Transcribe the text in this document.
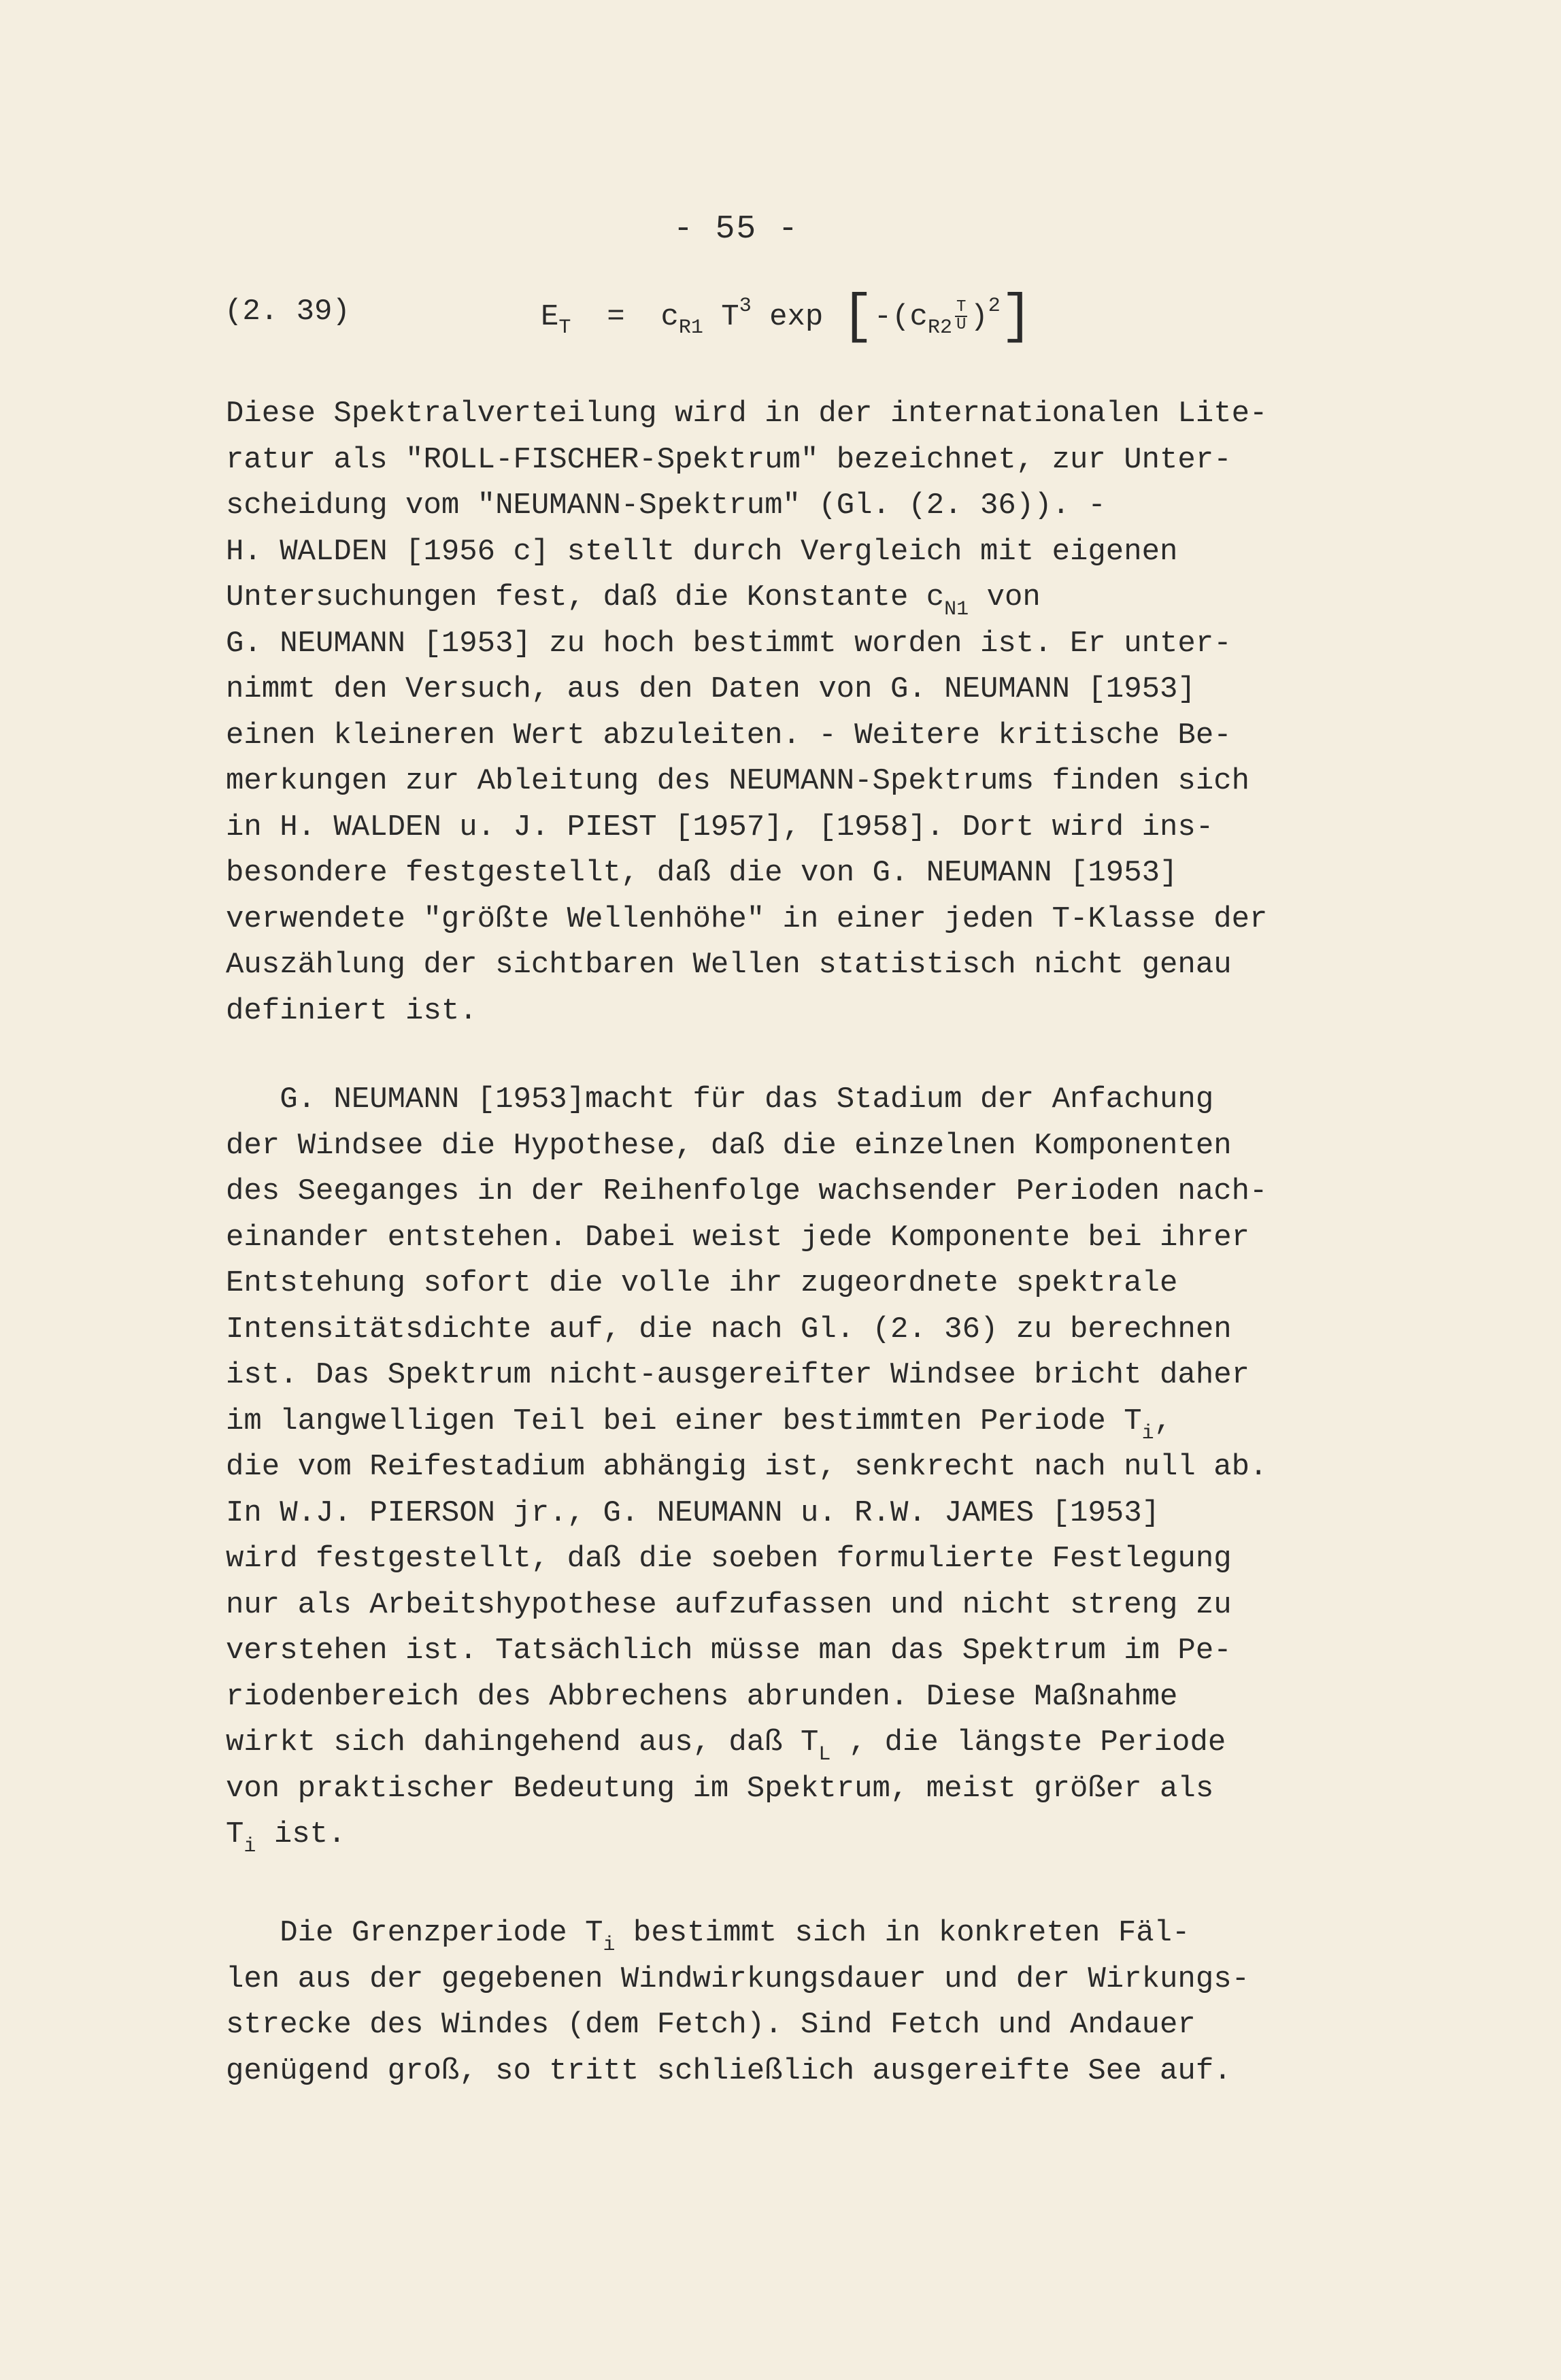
- 55 -
(2. 39)	$E_T = c_{R1}$ $T^3$ $\exp [-(c_{R2} \frac{T}{U} )^2]$
Diese Spektralverteilung wird in der internationalen Lite-
ratur als "ROLL-FISCHER-Spektrum" bezeichnet, zur Unter-
scheidung vom "NEUMANN-Spektrum" (Gl. (2. 36)). -
H. WALDEN [1956 c] stellt durch Vergleich mit eigenen
Untersuchungen fest, daß die Konstante $c_{N1}$ von
G. NEUMANN [1953] zu hoch bestimmt worden ist. Er unter-
nimmt den Versuch, aus den Daten von G. NEUMANN [1953]
einen kleineren Wert abzuleiten. - Weitere kritische Be-
merkungen zur Ableitung des NEUMANN-Spektrums finden sich
in H. WALDEN u. J. PIEST [1957], [1958]. Dort wird ins-
besondere festgestellt, daß die von G. NEUMANN [1953]
verwendete "größte Wellenhöhe" in einer jeden T-Klasse der
Auszählung der sichtbaren Wellen statistisch nicht genau
definiert ist.
G. NEUMANN [1953]macht für das Stadium der Anfachung
der Windsee die Hypothese, daß die einzelnen Komponenten
des Seeganges in der Reihenfolge wachsender Perioden nach-
einander entstehen. Dabei weist jede Komponente bei ihrer
Entstehung sofort die volle ihr zugeordnete spektrale
Intensitätsdichte auf, die nach Gl. (2. 36) zu berechnen
ist. Das Spektrum nicht-ausgereifter Windsee bricht daher
im langwelligen Teil bei einer bestimmten Periode $T_i$,
die vom Reifestadium abhängig ist, senkrecht nach null ab.
In W.J. PIERSON jr., G. NEUMANN u. R.W. JAMES [1953]
wird festgestellt, daß die soeben formulierte Festlegung
nur als Arbeitshypothese aufzufassen und nicht streng zu
verstehen ist. Tatsächlich müsse man das Spektrum im Pe-
riodenbereich des Abbrechens abrunden. Diese Maßnahme
wirkt sich dahingehend aus, daß $T_L$ , die längste Periode
von praktischer Bedeutung im Spektrum, meist größer als
$T_i$ ist.
Die Grenzperiode $T_i$ bestimmt sich in konkreten Fäl-
len aus der gegebenen Windwirkungsdauer und der Wirkungs-
strecke des Windes (dem Fetch). Sind Fetch und Andauer
genügend groß, so tritt schließlich ausgereifte See auf.
